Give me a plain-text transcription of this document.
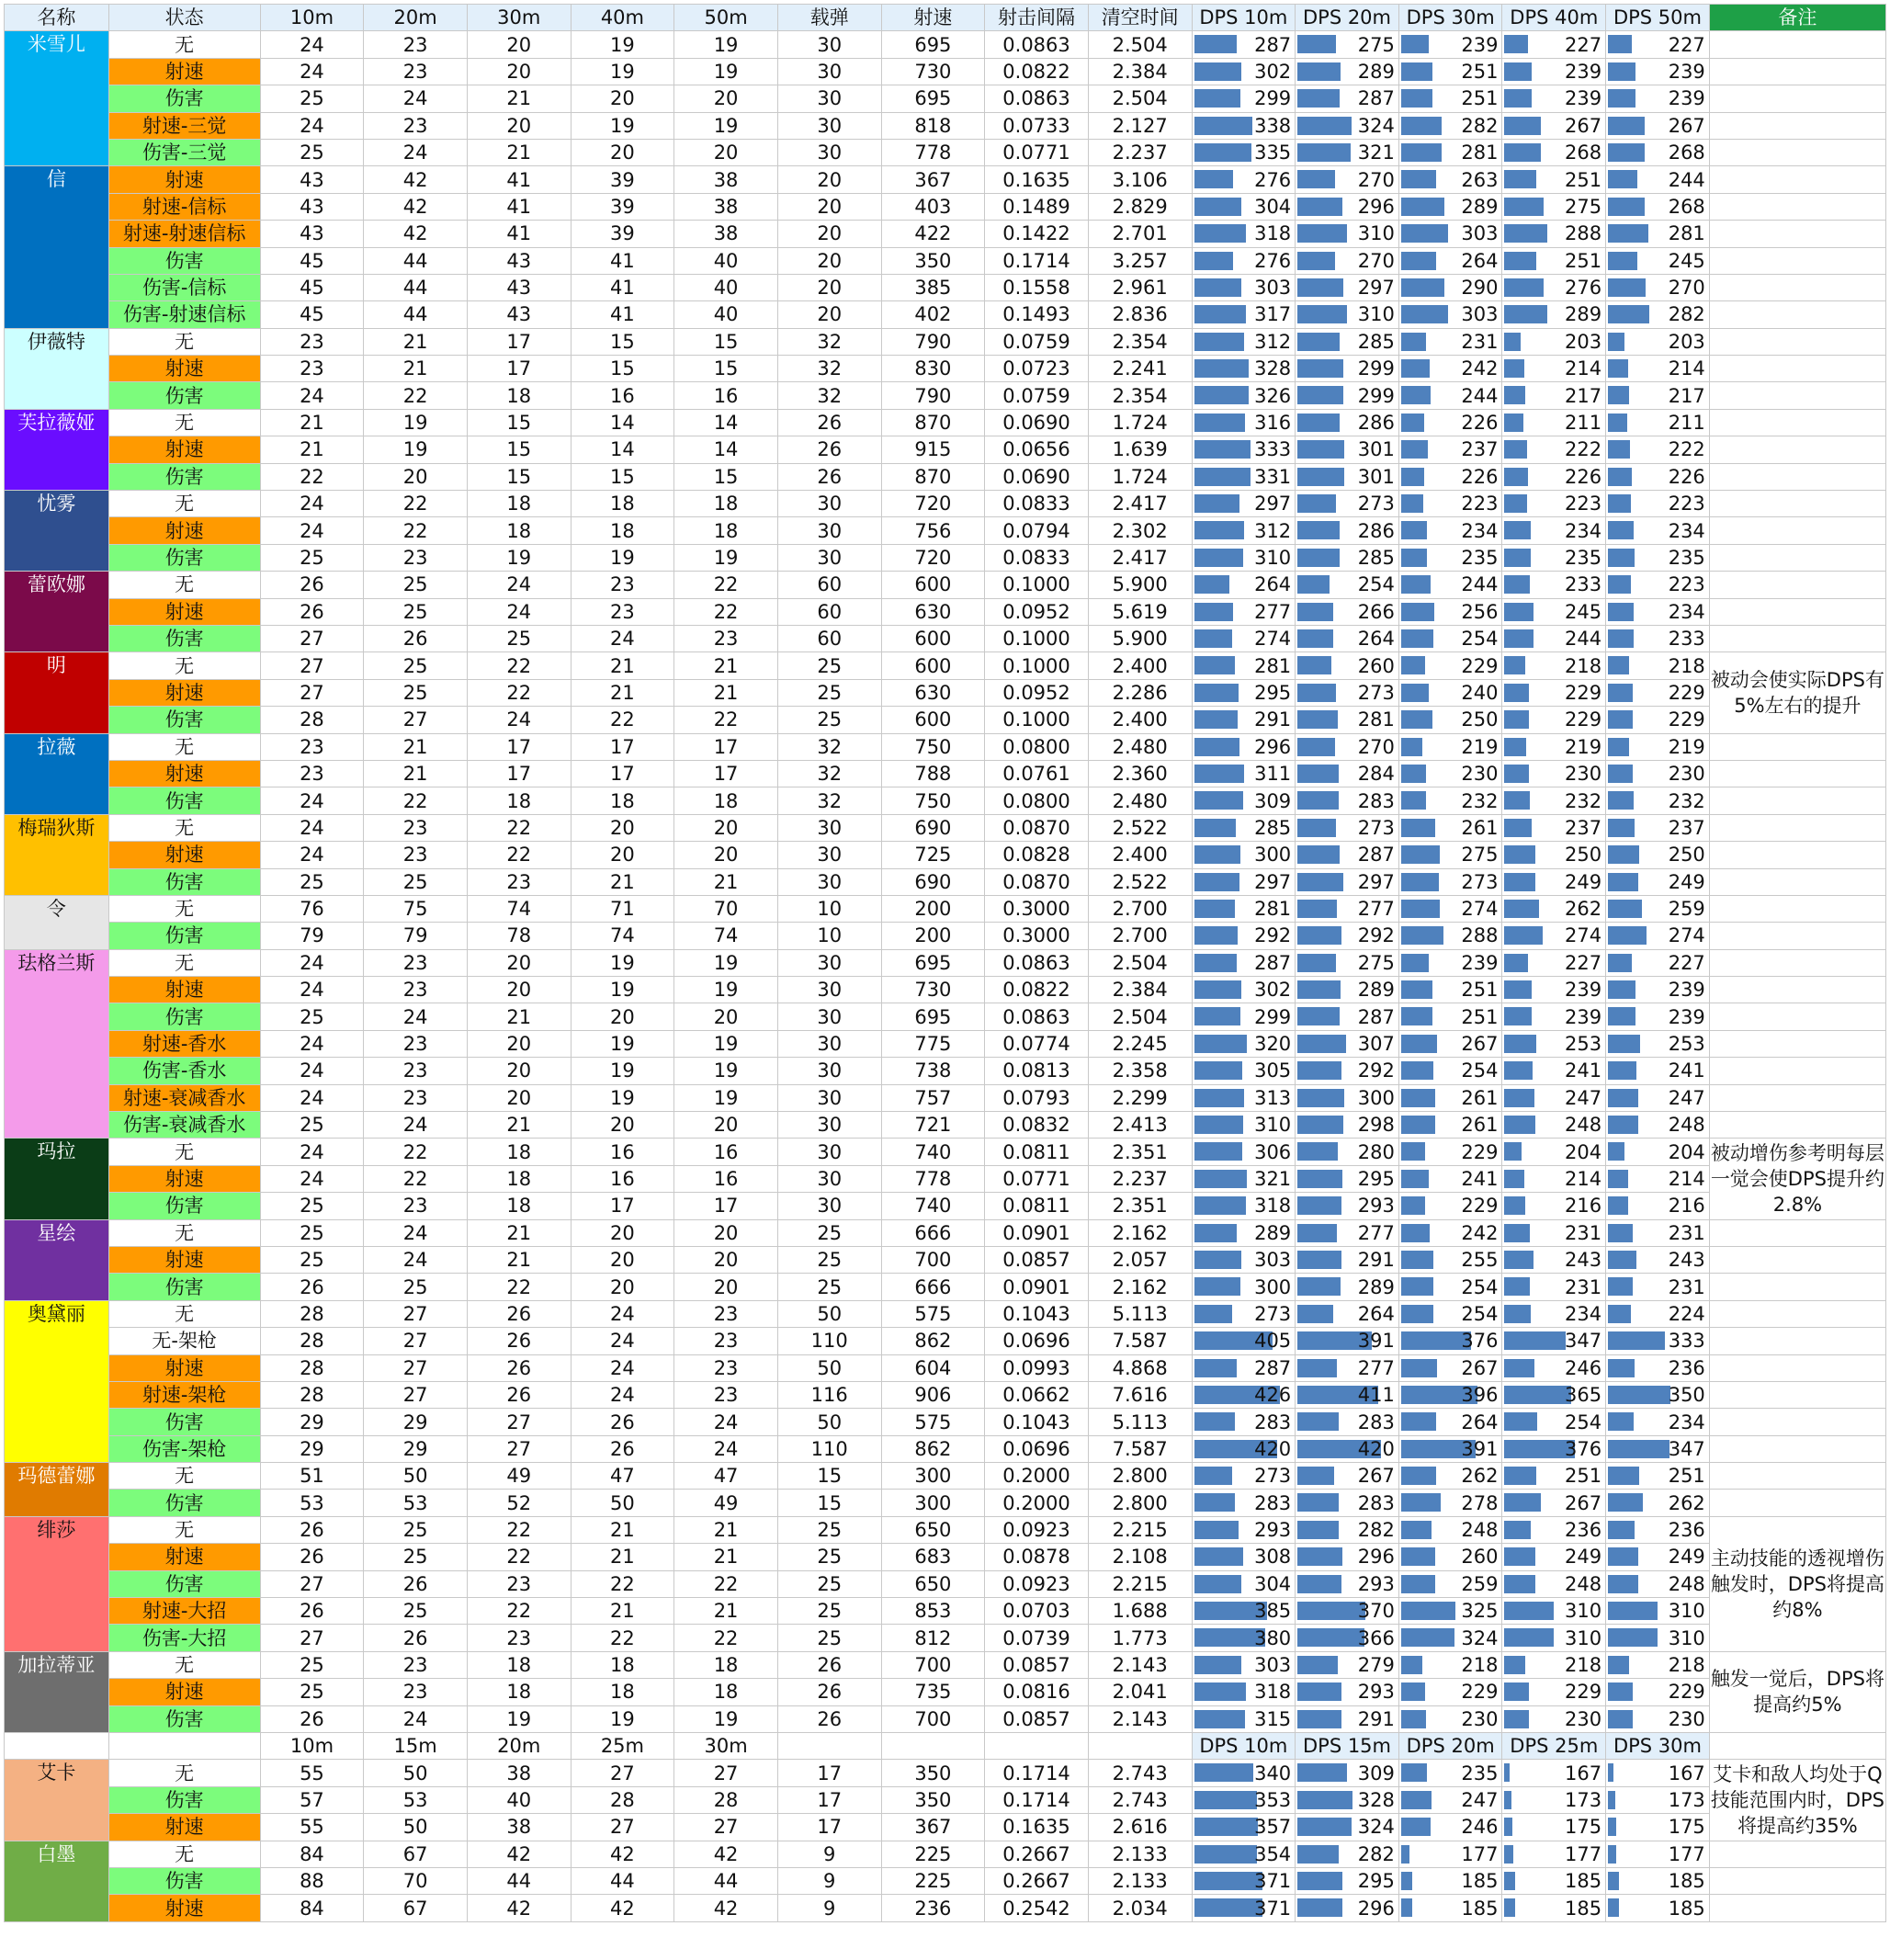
名称	状态	10m	20m	30m	40m	50m	载弹	射速	射击间隔	清空时间	DPS 10m	DPS 20m	DPS 30m	DPS 40m	DPS 50m	备注
米雪儿	无	24	23	20	19	19	30	695	0.0863	2.504	287	275	239	227	227	
	射速	24	23	20	19	19	30	730	0.0822	2.384	302	289	251	239	239	
	伤害	25	24	21	20	20	30	695	0.0863	2.504	299	287	251	239	239	
	射速-三觉	24	23	20	19	19	30	818	0.0733	2.127	338	324	282	267	267	
	伤害-三觉	25	24	21	20	20	30	778	0.0771	2.237	335	321	281	268	268	
信	射速	43	42	41	39	38	20	367	0.1635	3.106	276	270	263	251	244	
	射速-信标	43	42	41	39	38	20	403	0.1489	2.829	304	296	289	275	268	
	射速-射速信标	43	42	41	39	38	20	422	0.1422	2.701	318	310	303	288	281	
	伤害	45	44	43	41	40	20	350	0.1714	3.257	276	270	264	251	245	
	伤害-信标	45	44	43	41	40	20	385	0.1558	2.961	303	297	290	276	270	
	伤害-射速信标	45	44	43	41	40	20	402	0.1493	2.836	317	310	303	289	282	
伊薇特	无	23	21	17	15	15	32	790	0.0759	2.354	312	285	231	203	203	
	射速	23	21	17	15	15	32	830	0.0723	2.241	328	299	242	214	214	
	伤害	24	22	18	16	16	32	790	0.0759	2.354	326	299	244	217	217	
芙拉薇娅	无	21	19	15	14	14	26	870	0.0690	1.724	316	286	226	211	211	
	射速	21	19	15	14	14	26	915	0.0656	1.639	333	301	237	222	222	
	伤害	22	20	15	15	15	26	870	0.0690	1.724	331	301	226	226	226	
忧雾	无	24	22	18	18	18	30	720	0.0833	2.417	297	273	223	223	223	
	射速	24	22	18	18	18	30	756	0.0794	2.302	312	286	234	234	234	
	伤害	25	23	19	19	19	30	720	0.0833	2.417	310	285	235	235	235	
蕾欧娜	无	26	25	24	23	22	60	600	0.1000	5.900	264	254	244	233	223	
	射速	26	25	24	23	22	60	630	0.0952	5.619	277	266	256	245	234	
	伤害	27	26	25	24	23	60	600	0.1000	5.900	274	264	254	244	233	
明	无	27	25	22	21	21	25	600	0.1000	2.400	281	260	229	218	218	被动会使实际DPS有5%左右的提升
	射速	27	25	22	21	21	25	630	0.0952	2.286	295	273	240	229	229	
	伤害	28	27	24	22	22	25	600	0.1000	2.400	291	281	250	229	229	
拉薇	无	23	21	17	17	17	32	750	0.0800	2.480	296	270	219	219	219	
	射速	23	21	17	17	17	32	788	0.0761	2.360	311	284	230	230	230	
	伤害	24	22	18	18	18	32	750	0.0800	2.480	309	283	232	232	232	
梅瑞狄斯	无	24	23	22	20	20	30	690	0.0870	2.522	285	273	261	237	237	
	射速	24	23	22	20	20	30	725	0.0828	2.400	300	287	275	250	250	
	伤害	25	25	23	21	21	30	690	0.0870	2.522	297	297	273	249	249	
令	无	76	75	74	71	70	10	200	0.3000	2.700	281	277	274	262	259	
	伤害	79	79	78	74	74	10	200	0.3000	2.700	292	292	288	274	274	
珐格兰斯	无	24	23	20	19	19	30	695	0.0863	2.504	287	275	239	227	227	
	射速	24	23	20	19	19	30	730	0.0822	2.384	302	289	251	239	239	
	伤害	25	24	21	20	20	30	695	0.0863	2.504	299	287	251	239	239	
	射速-香水	24	23	20	19	19	30	775	0.0774	2.245	320	307	267	253	253	
	伤害-香水	24	23	20	19	19	30	738	0.0813	2.358	305	292	254	241	241	
	射速-衰减香水	24	23	20	19	19	30	757	0.0793	2.299	313	300	261	247	247	
	伤害-衰减香水	25	24	21	20	20	30	721	0.0832	2.413	310	298	261	248	248	
玛拉	无	24	22	18	16	16	30	740	0.0811	2.351	306	280	229	204	204	被动增伤参考明每层一觉会使DPS提升约2.8%
	射速	24	22	18	16	16	30	778	0.0771	2.237	321	295	241	214	214	
	伤害	25	23	18	17	17	30	740	0.0811	2.351	318	293	229	216	216	
星绘	无	25	24	21	20	20	25	666	0.0901	2.162	289	277	242	231	231	
	射速	25	24	21	20	20	25	700	0.0857	2.057	303	291	255	243	243	
	伤害	26	25	22	20	20	25	666	0.0901	2.162	300	289	254	231	231	
奥黛丽	无	28	27	26	24	23	50	575	0.1043	5.113	273	264	254	234	224	
	无-架枪	28	27	26	24	23	110	862	0.0696	7.587	405	391	376	347	333	
	射速	28	27	26	24	23	50	604	0.0993	4.868	287	277	267	246	236	
	射速-架枪	28	27	26	24	23	116	906	0.0662	7.616	426	411	396	365	350	
	伤害	29	29	27	26	24	50	575	0.1043	5.113	283	283	264	254	234	
	伤害-架枪	29	29	27	26	24	110	862	0.0696	7.587	420	420	391	376	347	
玛德蕾娜	无	51	50	49	47	47	15	300	0.2000	2.800	273	267	262	251	251	
	伤害	53	53	52	50	49	15	300	0.2000	2.800	283	283	278	267	262	
绯莎	无	26	25	22	21	21	25	650	0.0923	2.215	293	282	248	236	236	主动技能的透视增伤触发时，DPS将提高约8%
	射速	26	25	22	21	21	25	683	0.0878	2.108	308	296	260	249	249	
	伤害	27	26	23	22	22	25	650	0.0923	2.215	304	293	259	248	248	
	射速-大招	26	25	22	21	21	25	853	0.0703	1.688	385	370	325	310	310	
	伤害-大招	27	26	23	22	22	25	812	0.0739	1.773	380	366	324	310	310	
加拉蒂亚	无	25	23	18	18	18	26	700	0.0857	2.143	303	279	218	218	218	触发一觉后，DPS将提高约5%
	射速	25	23	18	18	18	26	735	0.0816	2.041	318	293	229	229	229	
	伤害	26	24	19	19	19	26	700	0.0857	2.143	315	291	230	230	230	
		10m	15m	20m	25m	30m					DPS 10m	DPS 15m	DPS 20m	DPS 25m	DPS 30m	
艾卡	无	55	50	38	27	27	17	350	0.1714	2.743	340	309	235	167	167	艾卡和敌人均处于Q技能范围内时，DPS将提高约35%
	伤害	57	53	40	28	28	17	350	0.1714	2.743	353	328	247	173	173	
	射速	55	50	38	27	27	17	367	0.1635	2.616	357	324	246	175	175	
白墨	无	84	67	42	42	42	9	225	0.2667	2.133	354	282	177	177	177	
	伤害	88	70	44	44	44	9	225	0.2667	2.133	371	295	185	185	185	
	射速	84	67	42	42	42	9	236	0.2542	2.034	371	296	185	185	185	
